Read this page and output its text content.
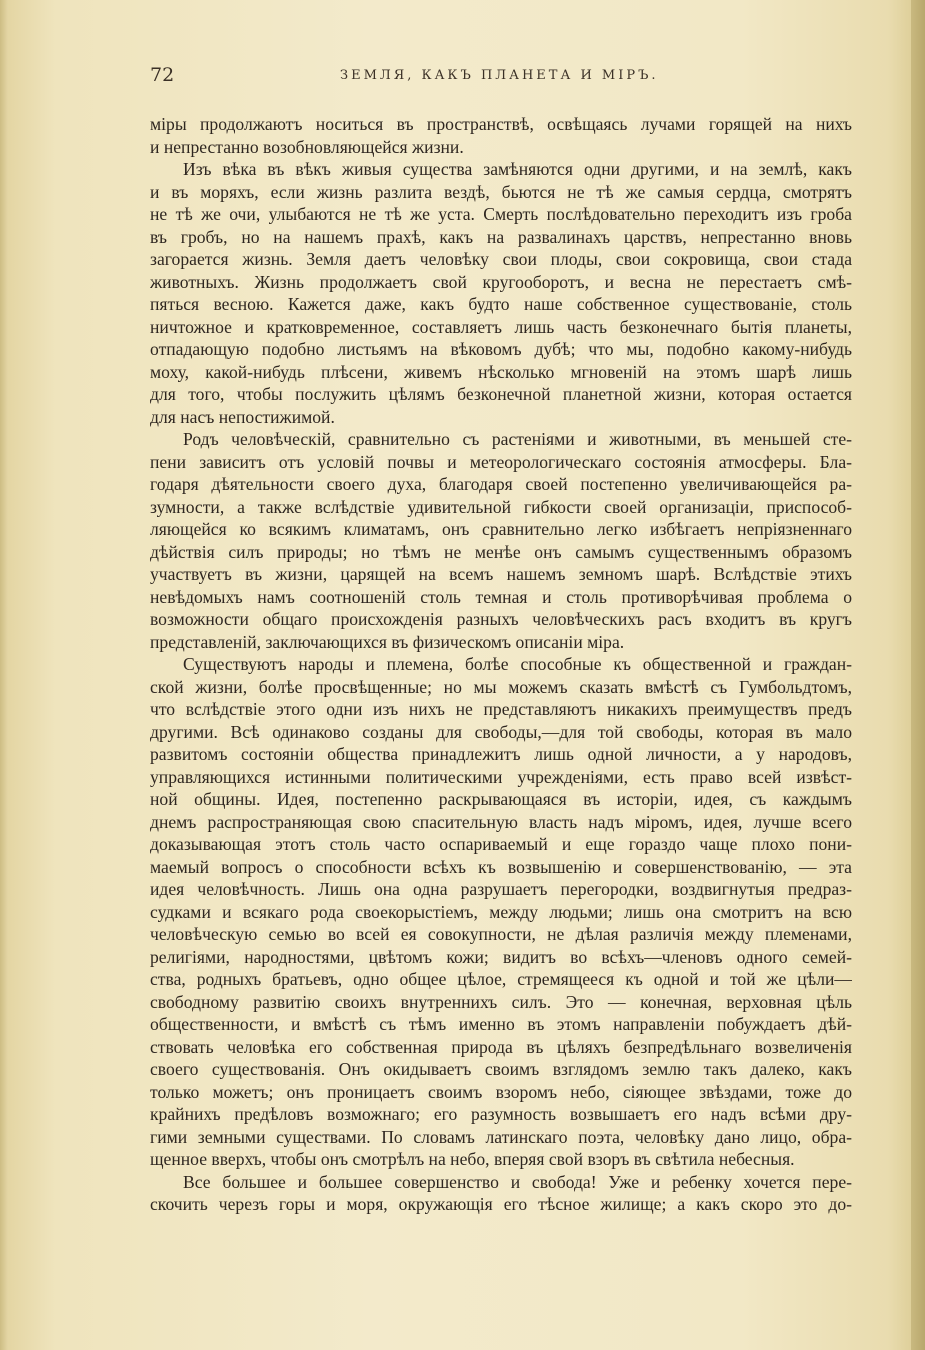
72	ЗЕМЛЯ, КАКЪ ПЛАНЕТА И МІРЪ.
міры продолжаютъ носиться въ пространствѣ, освѣщаясь лучами горящей на нихъ
и непрестанно возобновляющейся жизни.
Изъ вѣка въ вѣкъ живыя существа замѣняются одни другими, и на землѣ, какъ
и въ моряхъ, если жизнь разлита вездѣ, бьются не тѣ же самыя сердца, смотрятъ
не тѣ же очи, улыбаются не тѣ же уста. Смерть послѣдовательно переходитъ изъ гроба
въ гробъ, но на нашемъ прахѣ, какъ на развалинахъ царствъ, непрестанно вновь
загорается жизнь. Земля даетъ человѣку свои плоды, свои сокровища, свои стада
животныхъ. Жизнь продолжаетъ свой кругооборотъ, и весна не перестаетъ смѣ-
пяться весною. Кажется даже, какъ будто наше собственное существованіе, столь
ничтожное и кратковременное, составляетъ лишь часть безконечнаго бытія планеты,
отпадающую подобно листьямъ на вѣковомъ дубѣ; что мы, подобно какому-нибудь
моху, какой-нибудь плѣсени, живемъ нѣсколько мгновеній на этомъ шарѣ лишь
для того, чтобы послужить цѣлямъ безконечной планетной жизни, которая остается
для насъ непостижимой.
Родъ человѣческій, сравнительно съ растеніями и животными, въ меньшей сте-
пени зависитъ отъ условій почвы и метеорологическаго состоянія атмосферы. Бла-
годаря дѣятельности своего духа, благодаря своей постепенно увеличивающейся ра-
зумности, а также вслѣдствіе удивительной гибкости своей организаціи, приспособ-
ляющейся ко всякимъ климатамъ, онъ сравнительно легко избѣгаетъ непріязненнаго
дѣйствія силъ природы; но тѣмъ не менѣе онъ самымъ существеннымъ образомъ
участвуетъ въ жизни, царящей на всемъ нашемъ земномъ шарѣ. Вслѣдствіе этихъ
невѣдомыхъ намъ соотношеній столь темная и столь противорѣчивая проблема о
возможности общаго происхожденія разныхъ человѣческихъ расъ входитъ въ кругъ
представленій, заключающихся въ физическомъ описаніи міра.
Существуютъ народы и племена, болѣе способные къ общественной и граждан-
ской жизни, болѣе просвѣщенные; но мы можемъ сказать вмѣстѣ съ Гумбольдтомъ,
что вслѣдствіе этого одни изъ нихъ не представляютъ никакихъ преимуществъ предъ
другими. Всѣ одинаково созданы для свободы,—для той свободы, которая въ мало
развитомъ состояніи общества принадлежитъ лишь одной личности, а у народовъ,
управляющихся истинными политическими учрежденіями, есть право всей извѣст-
ной общины. Идея, постепенно раскрывающаяся въ исторіи, идея, съ каждымъ
днемъ распространяющая свою спасительную власть надъ міромъ, идея, лучше всего
доказывающая этотъ столь часто оспариваемый и еще гораздо чаще плохо пони-
маемый вопросъ о способности всѣхъ къ возвышенію и совершенствованію, — эта
идея человѣчность. Лишь она одна разрушаетъ перегородки, воздвигнутыя предраз-
судками и всякаго рода своекорыстіемъ, между людьми; лишь она смотритъ на всю
человѣческую семью во всей ея совокупности, не дѣлая различія между племенами,
религіями, народностями, цвѣтомъ кожи; видитъ во всѣхъ—членовъ одного семей-
ства, родныхъ братьевъ, одно общее цѣлое, стремящееся къ одной и той же цѣли—
свободному развитію своихъ внутреннихъ силъ. Это — конечная, верховная цѣль
общественности, и вмѣстѣ съ тѣмъ именно въ этомъ направленіи побуждаетъ дѣй-
ствовать человѣка его собственная природа въ цѣляхъ безпредѣльнаго возвеличенія
своего существованія. Онъ окидываетъ своимъ взглядомъ землю такъ далеко, какъ
только можетъ; онъ проницаетъ своимъ взоромъ небо, сіяющее звѣздами, тоже до
крайнихъ предѣловъ возможнаго; его разумность возвышаетъ его надъ всѣми дру-
гими земными существами. По словамъ латинскаго поэта, человѣку дано лицо, обра-
щенное вверхъ, чтобы онъ смотрѣлъ на небо, вперяя свой взоръ въ свѣтила небесныя.
Все большее и большее совершенство и свобода! Уже и ребенку хочется пере-
скочить черезъ горы и моря, окружающія его тѣсное жилище; а какъ скоро это до-
